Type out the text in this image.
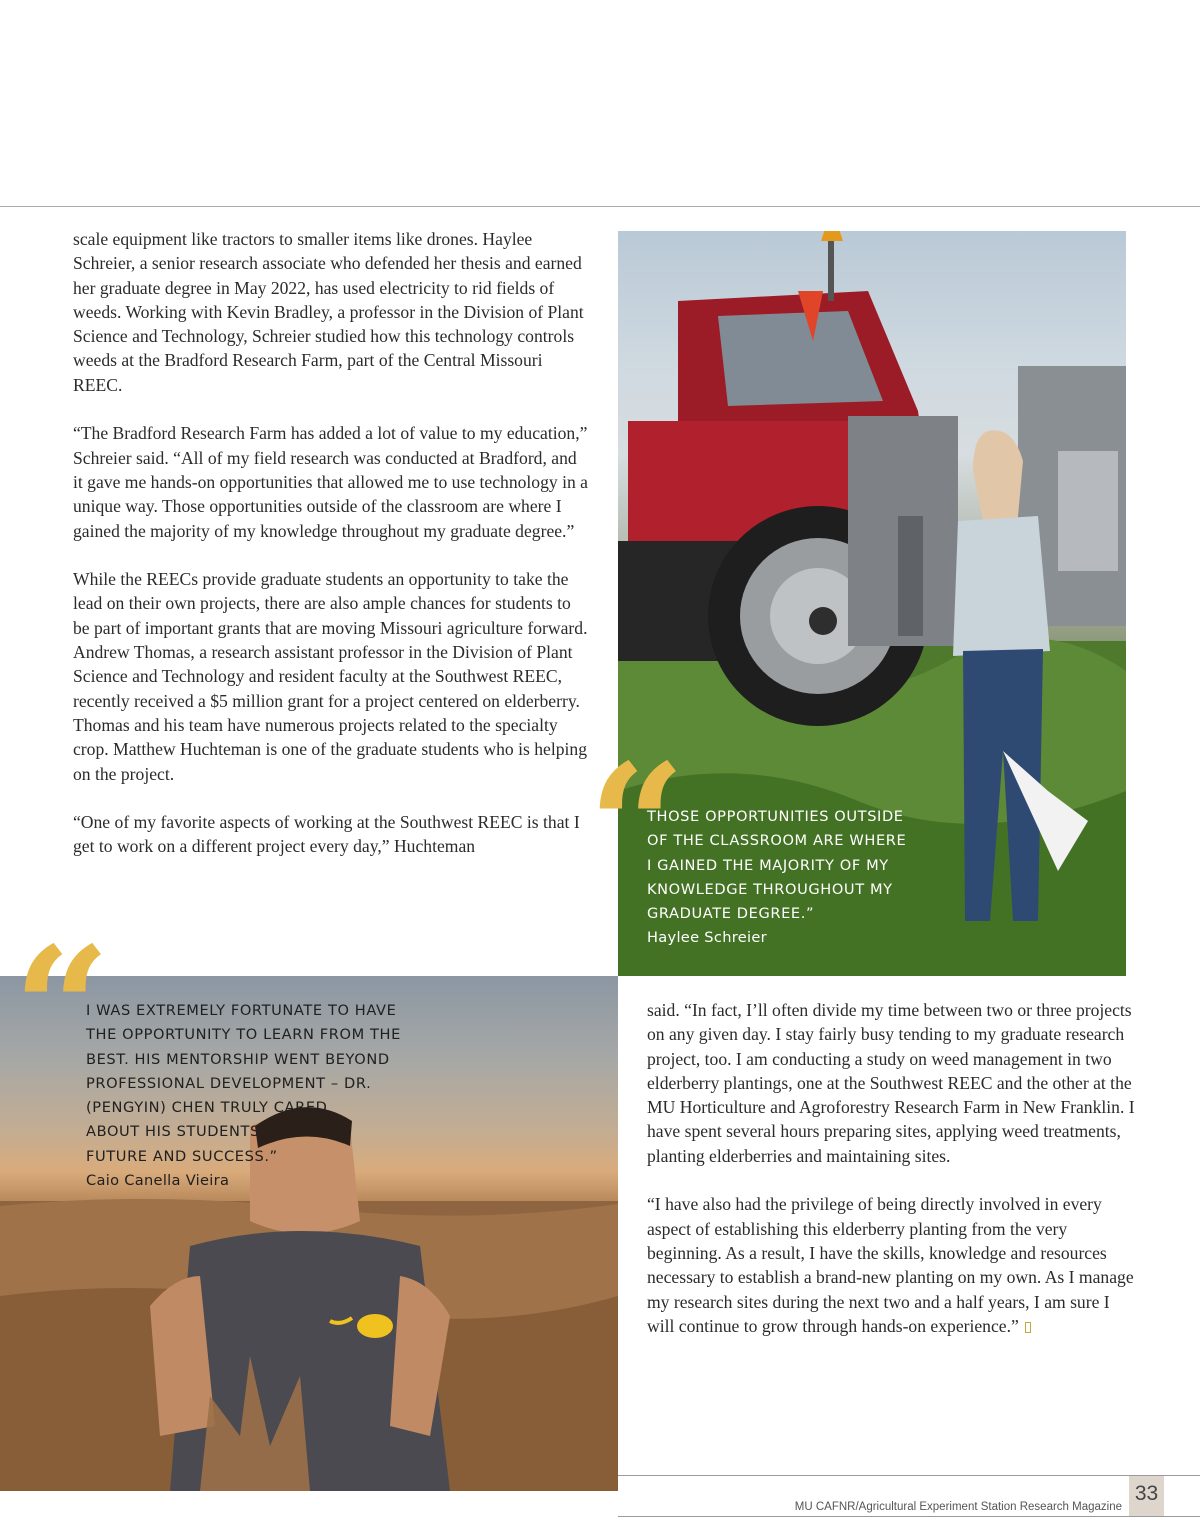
scale equipment like tractors to smaller items like drones. Haylee Schreier, a senior research associate who defended her thesis and earned her graduate degree in May 2022, has used electricity to rid fields of weeds. Working with Kevin Bradley, a professor in the Division of Plant Science and Technology, Schreier studied how this technology controls weeds at the Bradford Research Farm, part of the Central Missouri REEC.

“The Bradford Research Farm has added a lot of value to my education,” Schreier said. “All of my field research was conducted at Bradford, and it gave me hands-on opportunities that allowed me to use technology in a unique way. Those opportunities outside of the classroom are where I gained the majority of my knowledge throughout my graduate degree.”

While the REECs provide graduate students an opportunity to take the lead on their own projects, there are also ample chances for students to be part of important grants that are moving Missouri agriculture forward. Andrew Thomas, a research assistant professor in the Division of Plant Science and Technology and resident faculty at the Southwest REEC, recently received a $5 million grant for a project centered on elderberry. Thomas and his team have numerous projects related to the specialty crop. Matthew Huchteman is one of the graduate students who is helping on the project.

“One of my favorite aspects of working at the Southwest REEC is that I get to work on a different project every day,” Huchteman “
THOSE OPPORTUNITIES OUTSIDE
OF THE CLASSROOM ARE WHERE
I GAINED THE MAJORITY OF MY
KNOWLEDGE THROUGHOUT MY
GRADUATE DEGREE.”
Haylee Schreier
“
I WAS EXTREMELY FORTUNATE TO HAVE
THE OPPORTUNITY TO LEARN FROM THE
BEST. HIS MENTORSHIP WENT BEYOND
PROFESSIONAL DEVELOPMENT – DR.
(PENGYIN) CHEN TRULY CARED
ABOUT HIS STUDENTS’
FUTURE AND SUCCESS.”
Caio Canella Vieira

said. “In fact, I’ll often divide my time between two or three projects on any given day. I stay fairly busy tending to my graduate research project, too. I am conducting a study on weed management in two elderberry plantings, one at the Southwest REEC and the other at the MU Horticulture and Agroforestry Research Farm in New Franklin. I have spent several hours preparing sites, applying weed treatments, planting elderberries and maintaining sites.

“I have also had the privilege of being directly involved in every aspect of establishing this elderberry planting from the very beginning. As a result, I have the skills, knowledge and resources necessary to establish a brand-new planting on my own. As I manage my research sites during the next two and a half years, I am sure I will continue to grow through hands-on experience.”

MU CAFNR/Agricultural Experiment Station Research Magazine
33
